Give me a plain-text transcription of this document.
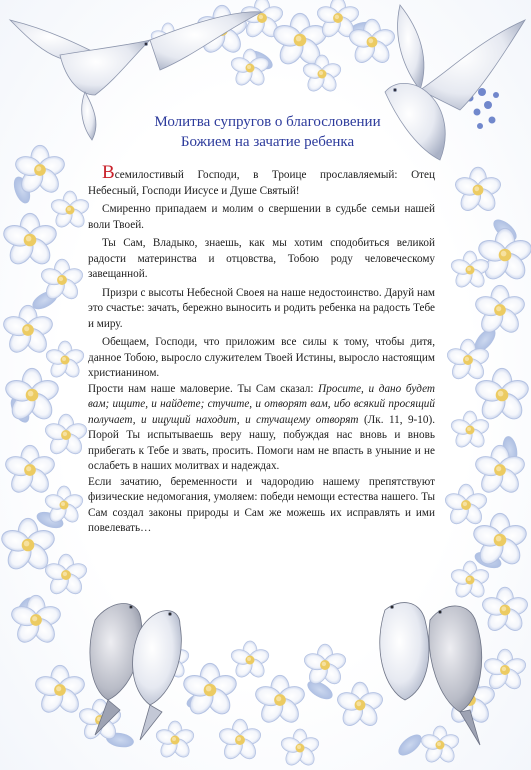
Молитва супругов о благословении
Божием на зачатие ребенка

Всемилостивый Господи, в Троице прославляемый: Отец Небесный, Господи Иисусе и Душе Святый!

Смиренно припадаем и молим о свершении в судьбе семьи нашей воли Твоей.

Ты Сам, Владыко, знаешь, как мы хотим сподобиться великой радости материнства и отцовства, Тобою роду человеческому завещанной.

Призри с высоты Небесной Своея на наше недостоинство. Даруй нам это счастье: зачать, бережно выносить и родить ребенка на радость Тебе и миру.

Обещаем, Господи, что приложим все силы к тому, чтобы дитя, данное Тобою, выросло служителем Твоей Истины, выросло настоящим христианином.

Прости нам наше маловерие. Ты Сам сказал: Просите, и дано будет вам; ищите, и найдете; стучите, и отворят вам, ибо всякий просящий получает, и ищущий находит, и стучащему отворят (Лк. 11, 9-10). Порой Ты испытываешь веру нашу, побуждая нас вновь и вновь прибегать к Тебе и звать, просить. Помоги нам не впасть в уныние и не ослабеть в наших молитвах и надеждах.

Если зачатию, беременности и чадородию нашему препятствуют физические недомогания, умоляем: победи немощи естества нашего. Ты Сам создал законы природы и Сам же можешь их исправлять и ими повелевать…
